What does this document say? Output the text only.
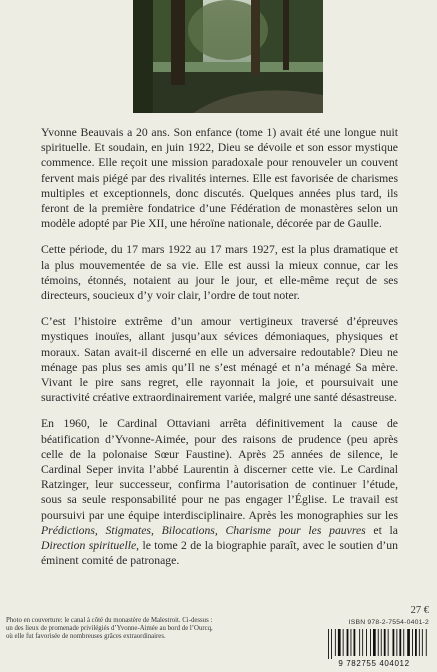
Yvonne Beauvais a 20 ans. Son enfance (tome 1) avait été une longue nuit spirituelle. Et soudain, en juin 1922, Dieu se dévoile et son essor mystique commence. Elle reçoit une mission paradoxale pour renouveler un couvent fervent mais piégé par des rivalités internes. Elle est favorisée de charismes multiples et exceptionnels, donc discutés. Quelques années plus tard, ils feront de la première fondatrice d’une Fédération de monastères selon un modèle adopté par Pie XII, une héroïne nationale, décorée par de Gaulle.

Cette période, du 17 mars 1922 au 17 mars 1927, est la plus dramatique et la plus mouvementée de sa vie. Elle est aussi la mieux connue, car les témoins, étonnés, notaient au jour le jour, et elle-même reçut de ses directeurs, soucieux d’y voir clair, l’ordre de tout noter.

C’est l’histoire extrême d’un amour vertigineux traversé d’épreuves mystiques inouïes, allant jusqu’aux sévices démoniaques, physiques et moraux. Satan avait-il discerné en elle un adversaire redoutable? Dieu ne ménage pas plus ses amis qu’Il ne s’est ménagé et n’a ménagé Sa mère. Vivant le pire sans regret, elle rayonnait la joie, et poursuivait une suractivité créative extraordinairement variée, malgré une santé désastreuse.

En 1960, le Cardinal Ottaviani arrêta définitivement la cause de béatification d’Yvonne-Aimée, pour des raisons de prudence (peu après celle de la polonaise Sœur Faustine). Après 25 années de silence, le Cardinal Seper invita l’abbé Laurentin à discerner cette vie. Le Cardinal Ratzinger, leur successeur, confirma l’autorisation de continuer l’étude, sous sa seule responsabilité pour ne pas engager l’Église. Le travail est poursuivi par une équipe interdisciplinaire. Après les monographies sur les Prédictions, Stigmates, Bilocations, Charisme pour les pauvres et la Direction spirituelle, le tome 2 de la biographie paraît, avec le soutien d’un éminent comité de patronage.

Photo en couverture: le canal à côté du monastère de Malestroit. Ci-dessus : un des lieux de promenade privilégiés d’Yvonne-Aimée au bord de l’Ourcq, où elle fut favorisée de nombreuses grâces extraordinaires.
27 €
ISBN 978-2-7554-0401-2
9 782755 404012
